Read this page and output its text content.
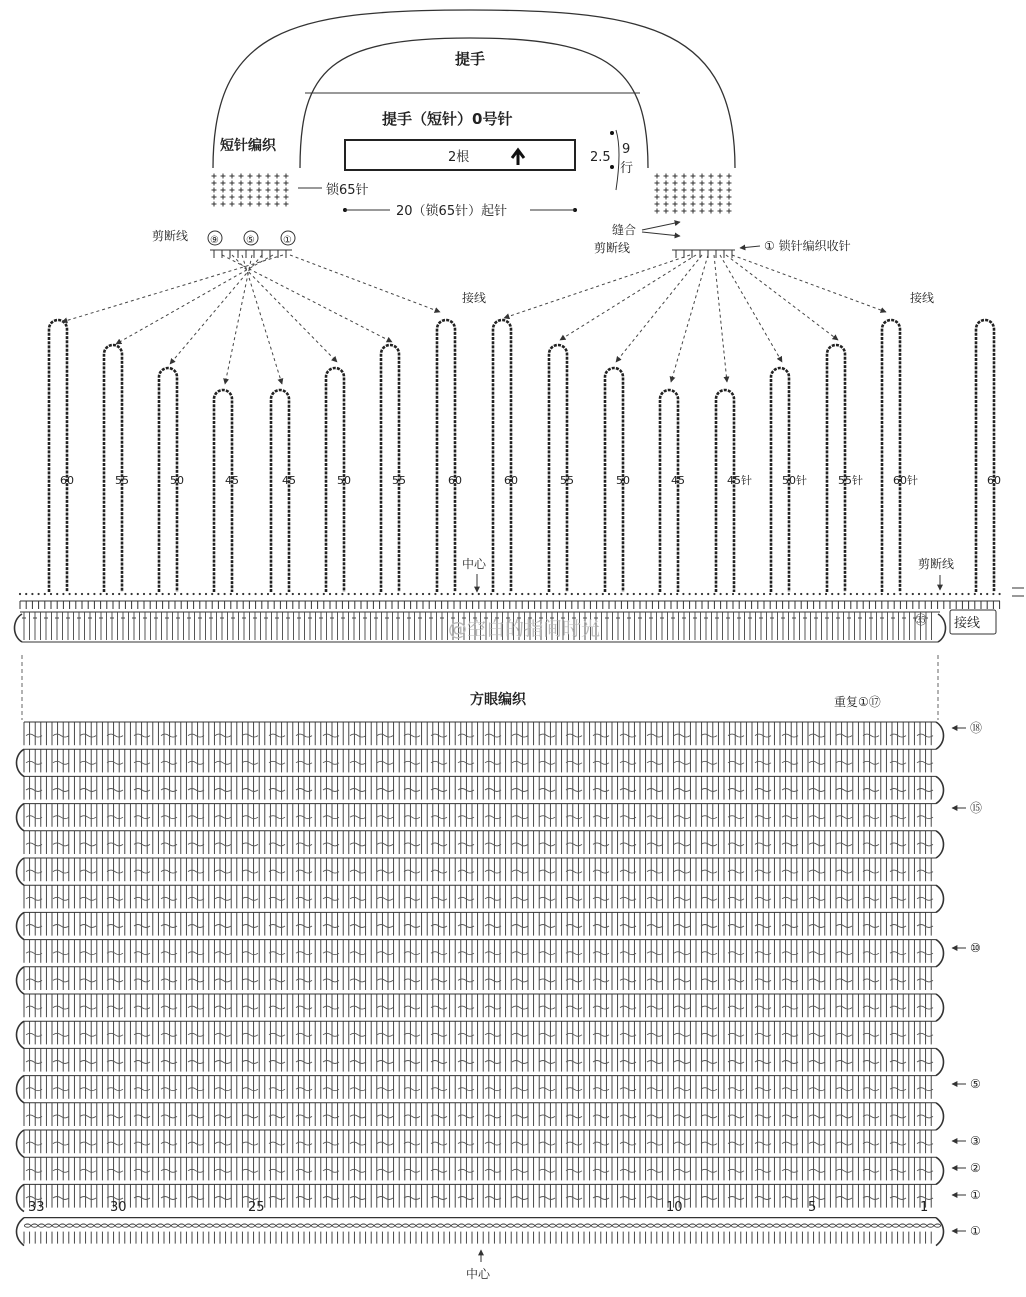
提手
提手（短针）0号针
2根	2.5
9
行
短针编织
锁65针
20（锁65针）起针
剪断线
剪断线
缝合
① 锁针编织收针
⑨	⑤	①
60	55	50	45	45	50	55	60	60	55	50	45	45针	50针	55针	60针	60
接线	接线
中心	剪断线
接线
㉟
方眼编织	重复①⑰
⑱
⑮
⑩
⑤
③
②
①
①
33	30	25	10	5	1
中心
@空白的指间时光
